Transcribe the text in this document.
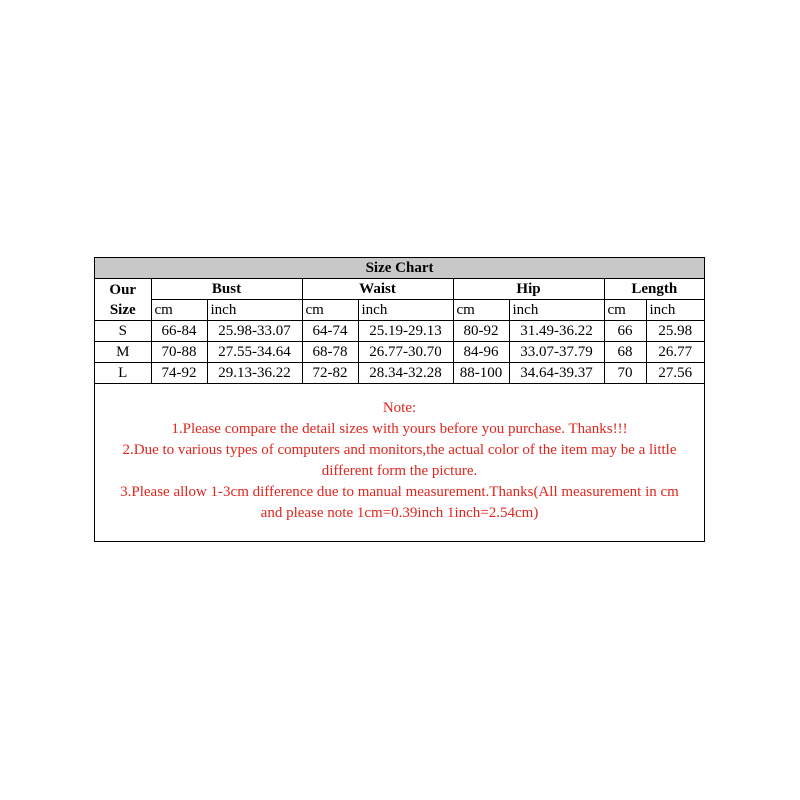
Size Chart								
Our
Size	Bust		Waist		Hip		Length	
	cm	inch	cm	inch	cm	inch	cm	inch
S	66-84	25.98-33.07	64-74	25.19-29.13	80-92	31.49-36.22	66	25.98
M	70-88	27.55-34.64	68-78	26.77-30.70	84-96	33.07-37.79	68	26.77
L	74-92	29.13-36.22	72-82	28.34-32.28	88-100	34.64-39.37	70	27.56
Note:
1.Please compare the detail sizes with yours before you purchase. Thanks!!!
2.Due to various types of computers and monitors,the actual color of the item may be a little
different form the picture.
3.Please allow 1-3cm difference due to manual measurement.Thanks(All measurement in cm
and please note 1cm=0.39inch 1inch=2.54cm)
